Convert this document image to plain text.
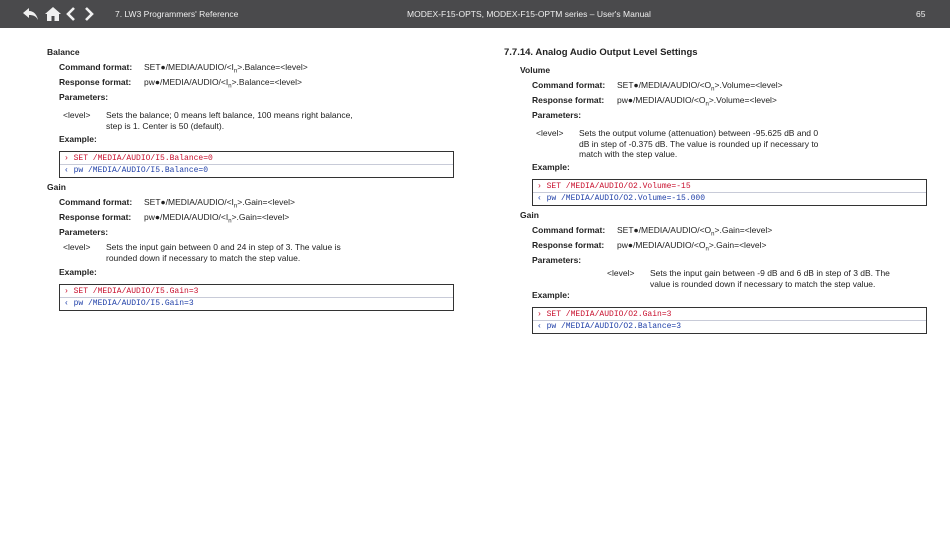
7. LW3 Programmers' Reference	MODEX-F15-OPTS, MODEX-F15-OPTM series – User's Manual	65
Balance
Command format: $SET●/MEDIA/AUDIO/<I_n>.Balance=<level>$
Response format: $pw●/MEDIA/AUDIO/<I_n>.Balance=<level>$
Parameters:
<level> Sets the balance; 0 means left balance, 100 means right balance, step is 1. Center is 50 (default).
Example:
› SET /MEDIA/AUDIO/I5.Balance=0
‹ pw /MEDIA/AUDIO/I5.Balance=0
Gain
Command format: $SET●/MEDIA/AUDIO/<I_n>.Gain=<level>$
Response format: $pw●/MEDIA/AUDIO/<I_n>.Gain=<level>$
Parameters:
<level> Sets the input gain between 0 and 24 in step of 3. The value is rounded down if necessary to match the step value.
Example:
› SET /MEDIA/AUDIO/I5.Gain=3
‹ pw /MEDIA/AUDIO/I5.Gain=3
7.7.14. Analog Audio Output Level Settings
Volume
Command format: $SET●/MEDIA/AUDIO/<O_n>.Volume=<level>$
Response format: $pw●/MEDIA/AUDIO/<O_n>.Volume=<level>$
Parameters:
<level> Sets the output volume (attenuation) between -95.625 dB and 0 dB in step of -0.375 dB. The value is rounded up if necessary to match with the step value.
Example:
› SET /MEDIA/AUDIO/O2.Volume=-15
‹ pw /MEDIA/AUDIO/O2.Volume=-15.000
Gain
Command format: $SET●/MEDIA/AUDIO/<O_n>.Gain=<level>$
Response format: $pw●/MEDIA/AUDIO/<O_n>.Gain=<level>$
Parameters:
<level> Sets the input gain between -9 dB and 6 dB in step of 3 dB. The value is rounded down if necessary to match the step value.
Example:
› SET /MEDIA/AUDIO/O2.Gain=3
‹ pw /MEDIA/AUDIO/O2.Balance=3
